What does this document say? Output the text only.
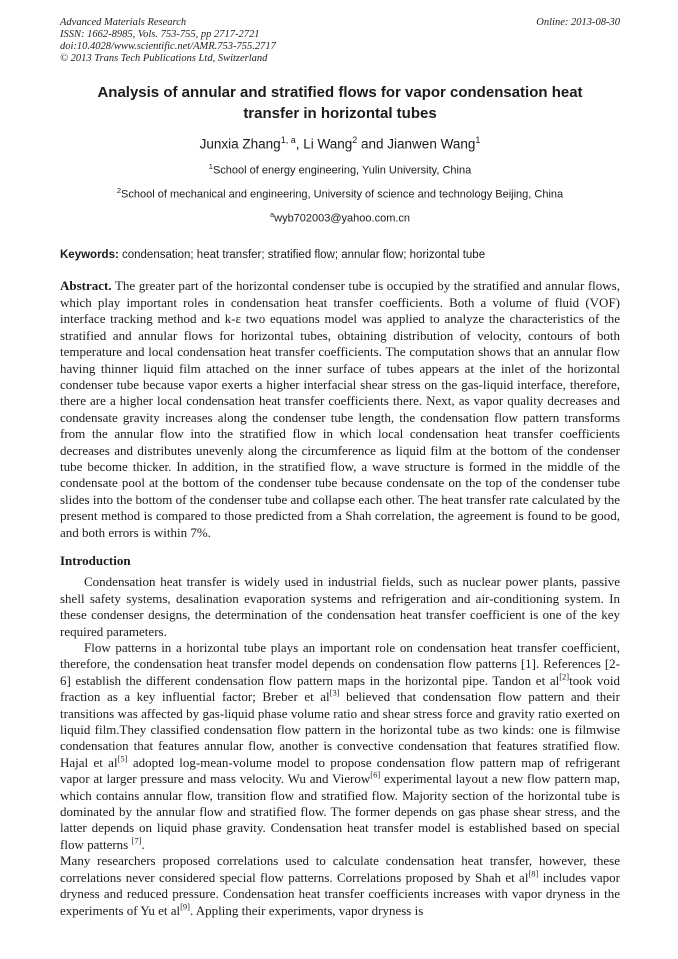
Advanced Materials Research	Online: 2013-08-30
ISSN: 1662-8985, Vols. 753-755, pp 2717-2721
doi:10.4028/www.scientific.net/AMR.753-755.2717
© 2013 Trans Tech Publications Ltd, Switzerland
Analysis of annular and stratified flows for vapor condensation heat transfer in horizontal tubes
Junxia Zhang$^{1, a}$, Li Wang$^2$ and Jianwen Wang$^1$
$^1$School of energy engineering, Yulin University, China
$^2$School of mechanical and engineering, University of science and technology Beijing, China
$^a$wyb702003@yahoo.com.cn
Keywords: condensation; heat transfer; stratified flow; annular flow; horizontal tube
Abstract. The greater part of the horizontal condenser tube is occupied by the stratified and annular flows, which play important roles in condensation heat transfer coefficients. Both a volume of fluid (VOF) interface tracking method and k-ε two equations model was applied to analyze the characteristics of the stratified and annular flows for horizontal tubes, obtaining distribution of velocity, contours of both temperature and local condensation heat transfer coefficients. The computation shows that an annular flow having thinner liquid film attached on the inner surface of tubes appears at the inlet of the horizontal condenser tube because vapor exerts a higher interfacial shear stress on the gas-liquid interface, therefore, there are a higher local condensation heat transfer coefficients there. Next, as vapor quality decreases and condensate gravity increases along the condenser tube length, the condensation flow pattern transforms from the annular flow into the stratified flow in which local condensation heat transfer coefficients decreases and distributes unevenly along the circumference as liquid film at the bottom of the condenser tube become thicker. In addition, in the stratified flow, a wave structure is formed in the middle of the condensate pool at the bottom of the condenser tube because condensate on the top of the condenser tube slides into the bottom of the condenser tube and collapse each other. The heat transfer rate calculated by the present method is compared to those predicted from a Shah correlation, the agreement is found to be good, and both errors is within 7%.
Introduction
Condensation heat transfer is widely used in industrial fields, such as nuclear power plants, passive shell safety systems, desalination evaporation systems and refrigeration and air-conditioning system. In these condenser designs, the determination of the condensation heat transfer coefficient is one of the key required parameters.
Flow patterns in a horizontal tube plays an important role on condensation heat transfer coefficient, therefore, the condensation heat transfer model depends on condensation flow patterns [1]. References [2-6] establish the different condensation flow pattern maps in the horizontal pipe. Tandon et al[2]took void fraction as a key influential factor; Breber et al[3] believed that condensation flow pattern and their transitions was affected by gas-liquid phase volume ratio and shear stress force and gravity ratio exerted on liquid film.They classified condensation flow pattern in the horizontal tube as two kinds: one is filmwise condensation that features annular flow, another is convective condensation that features stratified flow. Hajal et al[5] adopted log-mean-volume model to propose condensation flow pattern map of refrigerant vapor at larger pressure and mass velocity. Wu and Vierow[6] experimental layout a new flow pattern map, which contains annular flow, transition flow and stratified flow. Majority section of the horizontal tube is dominated by the annular flow and stratified flow. The former depends on gas phase shear stress, and the latter depends on liquid phase gravity. Condensation heat transfer model is established based on special flow patterns [7].
Many researchers proposed correlations used to calculate condensation heat transfer, however, these correlations never considered special flow patterns. Correlations proposed by Shah et al[8] includes vapor dryness and reduced pressure. Condensation heat transfer coefficients increases with vapor dryness in the experiments of Yu et al[9]. Appling their experiments, vapor dryness is
